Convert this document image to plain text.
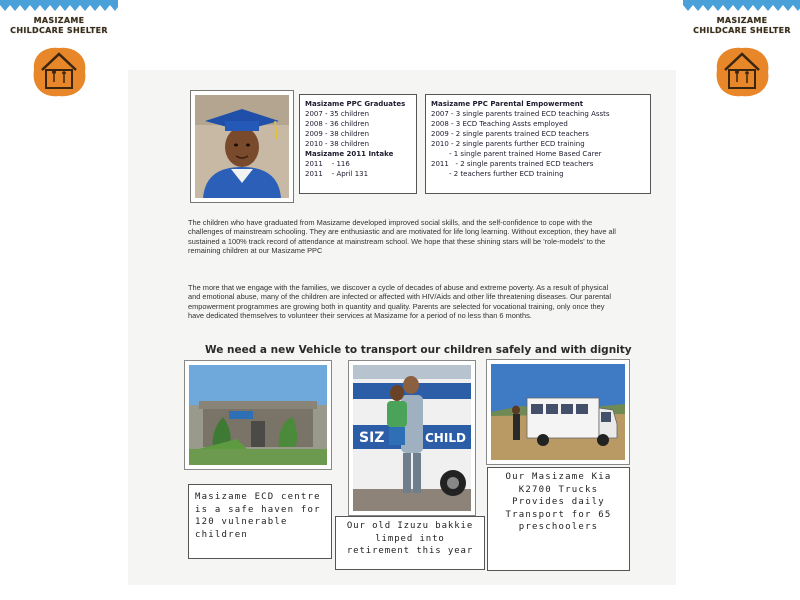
MASIZAME
CHILDCARE SHELTER
MASIZAME
CHILDCARE SHELTER
Masizame PPC Graduates
2007 - 35 children
2008 - 36 children
2009 - 38 children
2010 - 38 children
Masizame 2011 Intake
2011    - 116
2011    - April 131
Masizame PPC Parental Empowerment
2007 - 3 single parents trained ECD teaching Assts
2008 - 3 ECD Teaching Assts employed
2009 - 2 single parents trained ECD teachers
2010 - 2 single parents further ECD training
- 1 single parent trained Home Based Carer
2011   - 2 single parents trained ECD teachers
- 2 teachers further ECD training
The children who have graduated from Masizame developed improved social skills, and the self-confidence to cope with the challenges of mainstream schooling. They are enthusiastic and are motivated for life long learning. Without exception, they have all sustained a 100% track record of attendance at mainstream school. We hope that these shining stars will be 'role-models' to the remaining children at our Masizame PPC
The more that we engage with the families, we discover a cycle of decades of abuse and extreme poverty. As a result of physical and emotional abuse, many of the children are infected or affected with HIV/Aids and other life threatening diseases. Our parental empowerment programmes are growing both in quantity and quality. Parents are selected for vocational training, only once they have dedicated themselves to volunteer their services at Masizame for a period of no less than 6 months.
We need a new Vehicle to transport our children safely and with dignity
SIZ	CHILD
Masizame ECD centre is a safe haven for 120 vulnerable children
Our old Izuzu bakkie limped into retirement this year
Our Masizame Kia K2700 Trucks Provides daily Transport for 65 preschoolers
